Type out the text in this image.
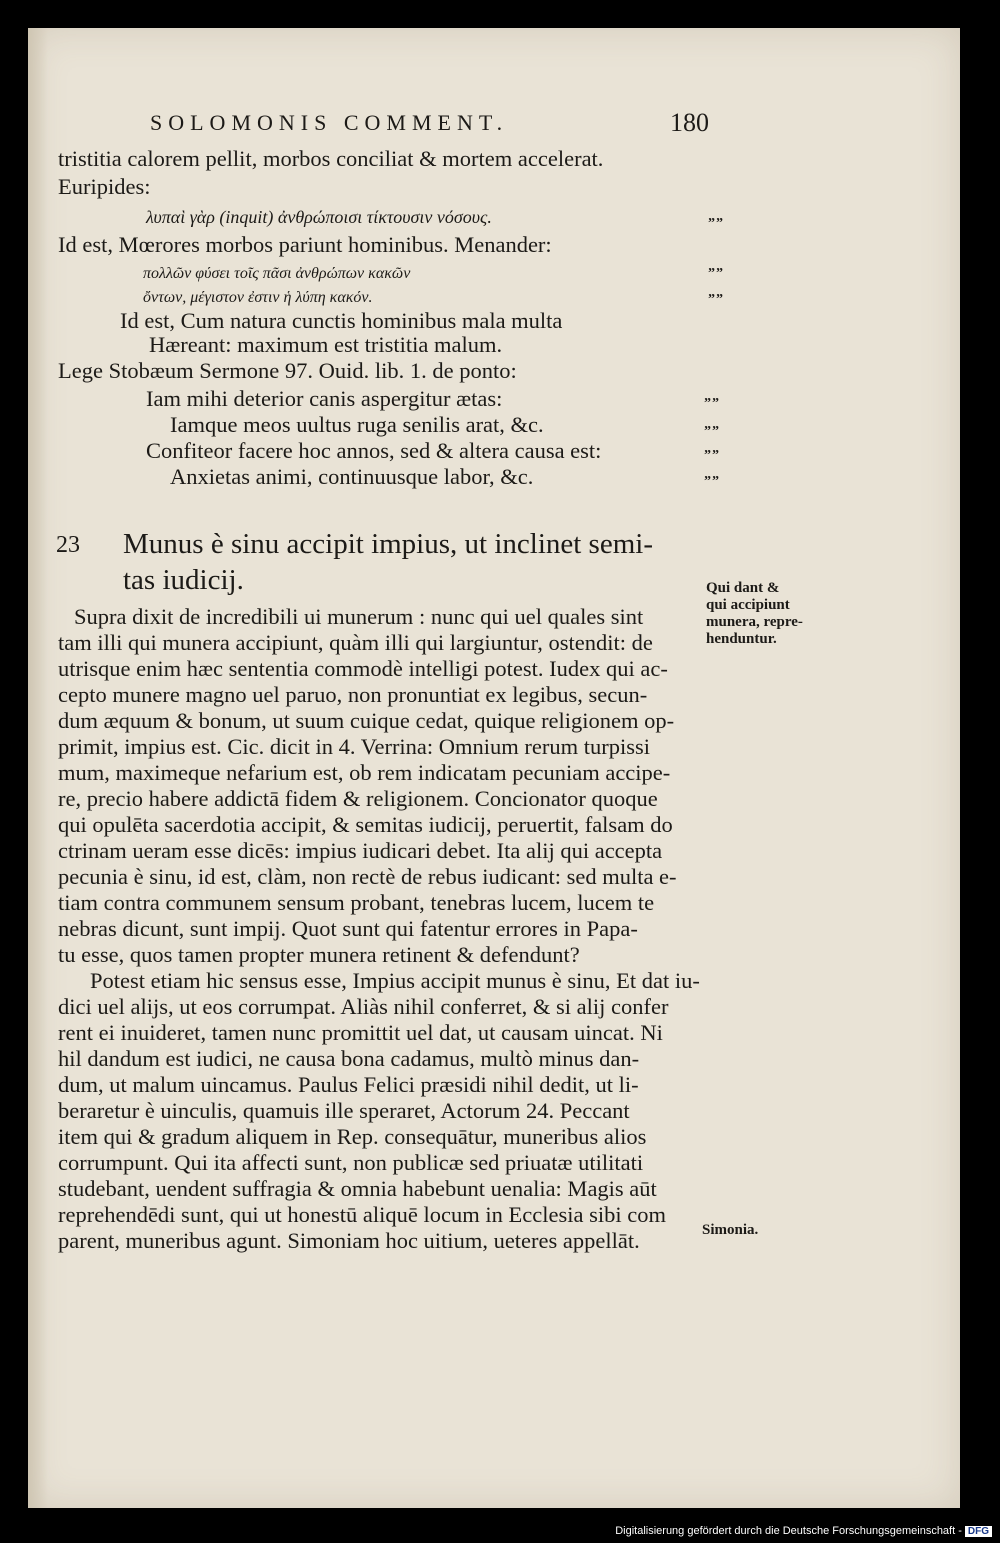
SOLOMONIS COMMENT.	180
tristitia calorem pellit, morbos conciliat & mortem accelerat.
Euripides:
λυπαὶ γὰρ (inquit) ἀνθρώποισι τίκτουσιν νόσους.
Id est, Mœrores morbos pariunt hominibus. Menander:
πολλῶν φύσει τοῖς πᾶσι ἀνθρώπων κακῶν
ὄντων, μέγιστον ἐστιν ἡ λύπη κακόν.
Id est, Cum natura cunctis hominibus mala multa
Hæreant: maximum est tristitia malum.
Lege Stobæum Sermone 97. Ouid. lib. 1. de ponto:
Iam mihi deterior canis aspergitur ætas:
Iamque meos uultus ruga senilis arat, &c.
Confiteor facere hoc annos, sed & altera causa est:
Anxietas animi, continuusque labor, &c.
””
””
””
””
””
””
””
23 Munus è sinu accipit impius, ut inclinet semi-
tas iudicij.
Supra dixit de incredibili ui munerum : nunc qui uel quales sint
tam illi qui munera accipiunt, quàm illi qui largiuntur, ostendit: de
utrisque enim hæc sententia commodè intelligi potest. Iudex qui ac-
cepto munere magno uel paruo, non pronuntiat ex legibus, secun-
dum æquum & bonum, ut suum cuique cedat, quique religionem op-
primit, impius est. Cic. dicit in 4. Verrina: Omnium rerum turpissi
mum, maximeque nefarium est, ob rem indicatam pecuniam accipe-
re, precio habere addictā fidem & religionem. Concionator quoque
qui opulēta sacerdotia accipit, & semitas iudicij, peruertit, falsam do
ctrinam ueram esse dicēs: impius iudicari debet. Ita alij qui accepta
pecunia è sinu, id est, clàm, non rectè de rebus iudicant: sed multa e-
tiam contra communem sensum probant, tenebras lucem, lucem te
nebras dicunt, sunt impij. Quot sunt qui fatentur errores in Papa-
tu esse, quos tamen propter munera retinent & defendunt?
Potest etiam hic sensus esse, Impius accipit munus è sinu, Et dat iu-
dici uel alijs, ut eos corrumpat. Aliàs nihil conferret, & si alij confer
rent ei inuideret, tamen nunc promittit uel dat, ut causam uincat. Ni
hil dandum est iudici, ne causa bona cadamus, multò minus dan-
dum, ut malum uincamus. Paulus Felici præsidi nihil dedit, ut li-
beraretur è uinculis, quamuis ille speraret, Actorum 24. Peccant
item qui & gradum aliquem in Rep. consequātur, muneribus alios
corrumpunt. Qui ita affecti sunt, non publicæ sed priuatæ utilitati
studebant, uendent suffragia & omnia habebunt uenalia: Magis aūt
reprehendēdi sunt, qui ut honestū aliquē locum in Ecclesia sibi com
parent, muneribus agunt. Simoniam hoc uitium, ueteres appellāt.
Qui dant &
qui accipiunt
munera, repre-
henduntur.
Simonia.
Digitalisierung gefördert durch die Deutsche Forschungsgemeinschaft - DFG
